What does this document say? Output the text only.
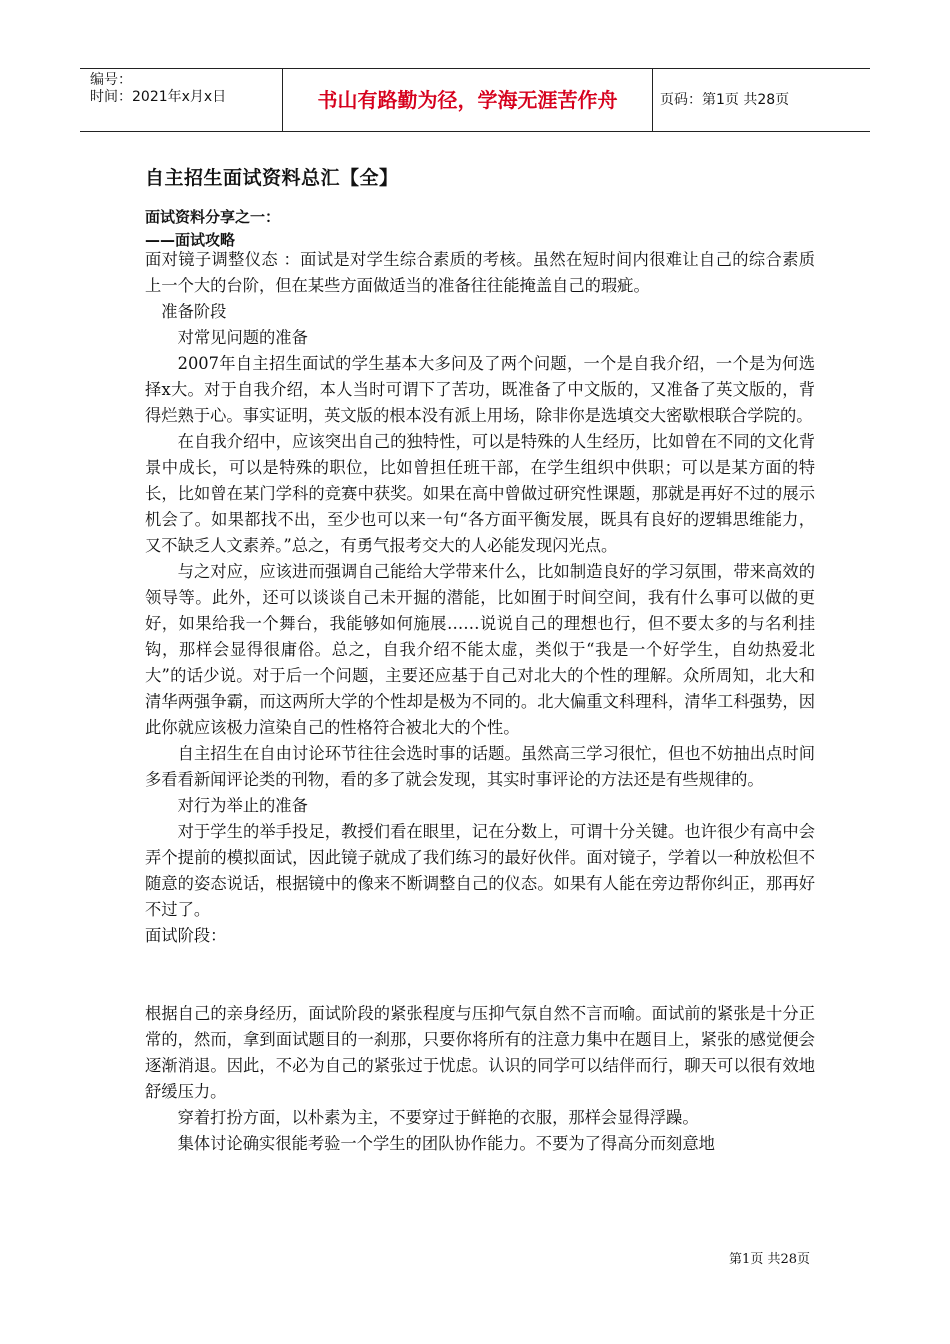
编号：
时间：2021年x月x日	书山有路勤为径，学海无涯苦作舟	页码：第1页 共28页
自主招生面试资料总汇【全】
面试资料分享之一：
——面试攻略

面对镜子调整仪态 ：面试是对学生综合素质的考核。虽然在短时间内很难让自己的综合素质上一个大的台阶，但在某些方面做适当的准备往往能掩盖自己的瑕疵。

准备阶段

对常见问题的准备

2007年自主招生面试的学生基本大多问及了两个问题，一个是自我介绍，一个是为何选择x大。对于自我介绍，本人当时可谓下了苦功，既准备了中文版的，又准备了英文版的，背得烂熟于心。事实证明，英文版的根本没有派上用场，除非你是选填交大密歇根联合学院的。

在自我介绍中，应该突出自己的独特性，可以是特殊的人生经历，比如曾在不同的文化背景中成长，可以是特殊的职位，比如曾担任班干部，在学生组织中供职；可以是某方面的特长，比如曾在某门学科的竞赛中获奖。如果在高中曾做过研究性课题，那就是再好不过的展示机会了。如果都找不出，至少也可以来一句“各方面平衡发展，既具有良好的逻辑思维能力，又不缺乏人文素养。”总之，有勇气报考交大的人必能发现闪光点。

与之对应，应该进而强调自己能给大学带来什么，比如制造良好的学习氛围，带来高效的领导等。此外，还可以谈谈自己未开掘的潜能，比如囿于时间空间，我有什么事可以做的更好，如果给我一个舞台，我能够如何施展……说说自己的理想也行，但不要太多的与名利挂钩，那样会显得很庸俗。总之，自我介绍不能太虚，类似于“我是一个好学生，自幼热爱北大”的话少说。对于后一个问题，主要还应基于自己对北大的个性的理解。众所周知，北大和清华两强争霸，而这两所大学的个性却是极为不同的。北大偏重文科理科，清华工科强势，因此你就应该极力渲染自己的性格符合被北大的个性。

自主招生在自由讨论环节往往会选时事的话题。虽然高三学习很忙，但也不妨抽出点时间多看看新闻评论类的刊物，看的多了就会发现，其实时事评论的方法还是有些规律的。

对行为举止的准备

对于学生的举手投足，教授们看在眼里，记在分数上，可谓十分关键。也许很少有高中会弄个提前的模拟面试，因此镜子就成了我们练习的最好伙伴。面对镜子，学着以一种放松但不随意的姿态说话，根据镜中的像来不断调整自己的仪态。如果有人能在旁边帮你纠正，那再好不过了。

面试阶段：

根据自己的亲身经历，面试阶段的紧张程度与压抑气氛自然不言而喻。面试前的紧张是十分正常的，然而，拿到面试题目的一刹那，只要你将所有的注意力集中在题目上，紧张的感觉便会逐渐消退。因此，不必为自己的紧张过于忧虑。认识的同学可以结伴而行，聊天可以很有效地舒缓压力。

穿着打扮方面，以朴素为主，不要穿过于鲜艳的衣服，那样会显得浮躁。

集体讨论确实很能考验一个学生的团队协作能力。不要为了得高分而刻意地

第1页 共28页
